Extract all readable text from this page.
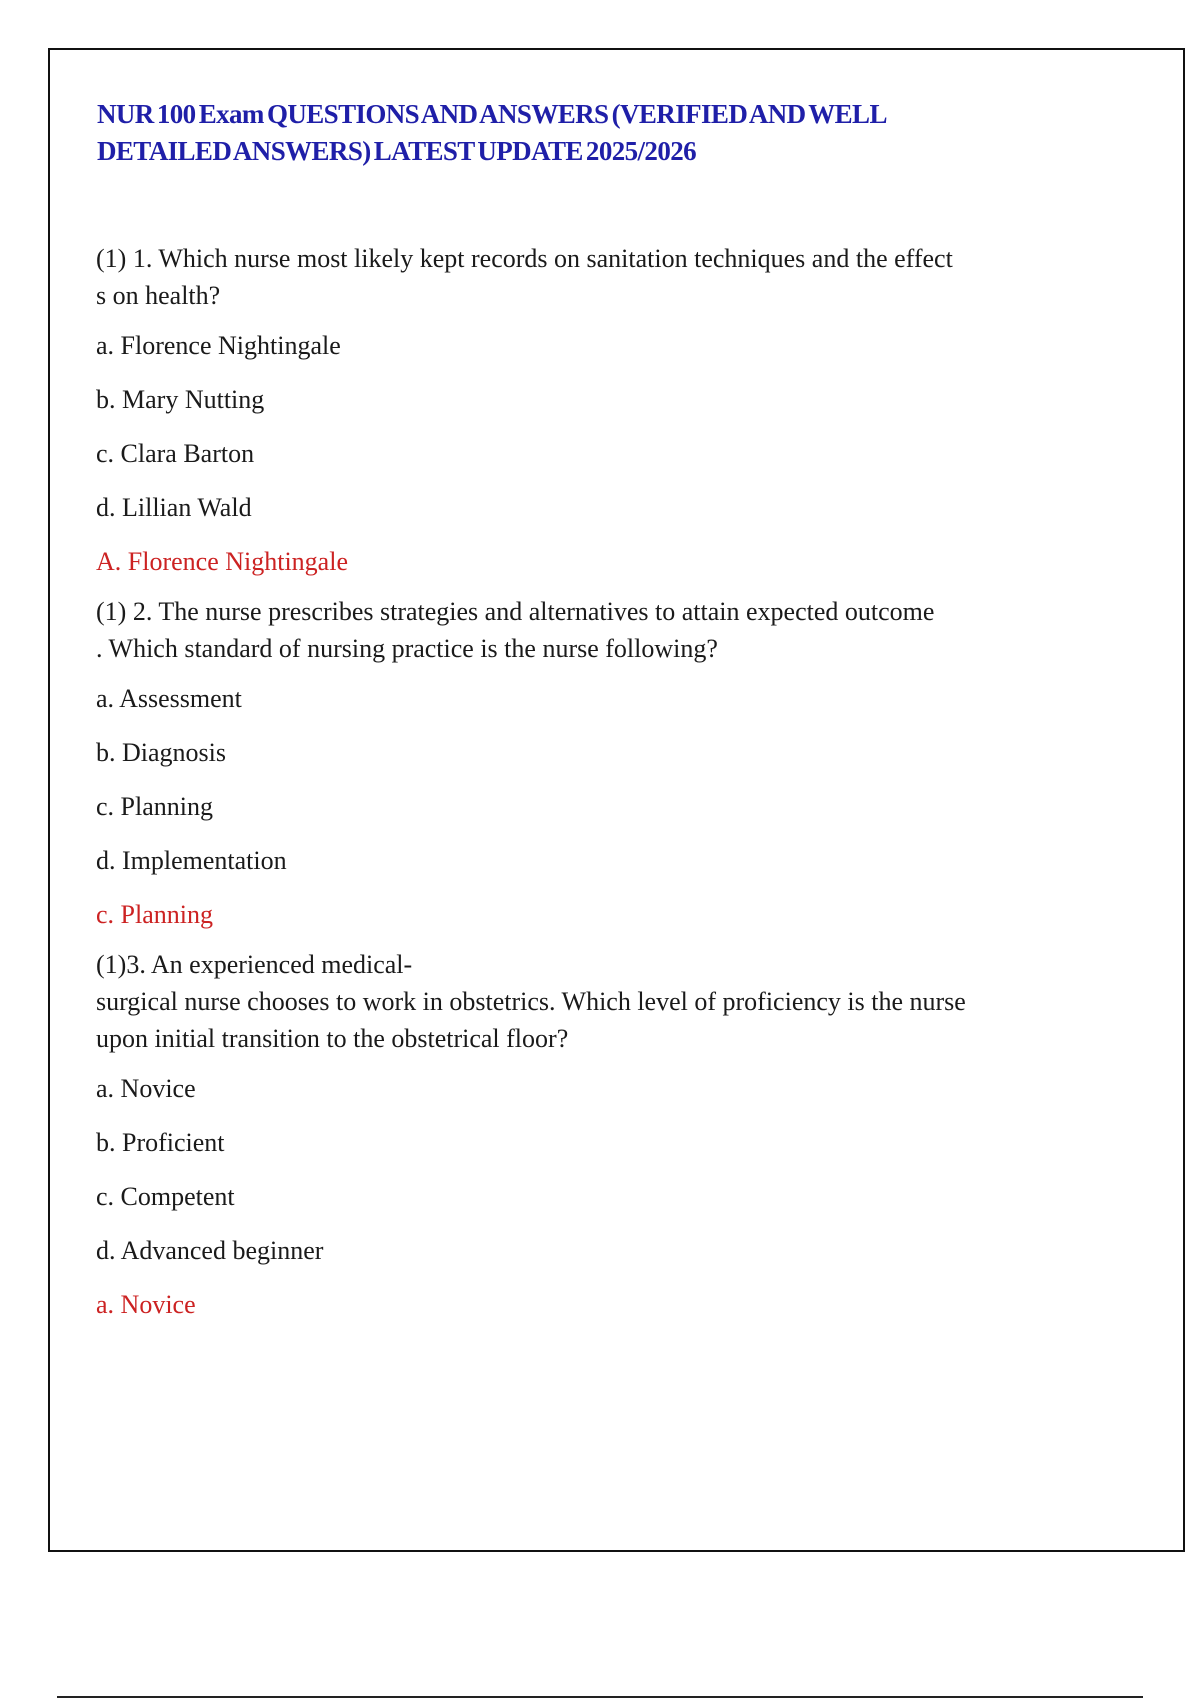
NUR 100 Exam QUESTIONS AND ANSWERS (VERIFIED AND WELL
DETAILED ANSWERS) LATEST UPDATE 2025/2026

(1) 1. Which nurse most likely kept records on sanitation techniques and the effect
s on health?

a. Florence Nightingale

b. Mary Nutting

c. Clara Barton

d. Lillian Wald

A. Florence Nightingale

(1) 2. The nurse prescribes strategies and alternatives to attain expected outcome
. Which standard of nursing practice is the nurse following?

a. Assessment

b. Diagnosis

c. Planning

d. Implementation

c. Planning

(1)3. An experienced medical-
surgical nurse chooses to work in obstetrics. Which level of proficiency is the nurse
upon initial transition to the obstetrical floor?

a. Novice

b. Proficient

c. Competent

d. Advanced beginner

a. Novice
